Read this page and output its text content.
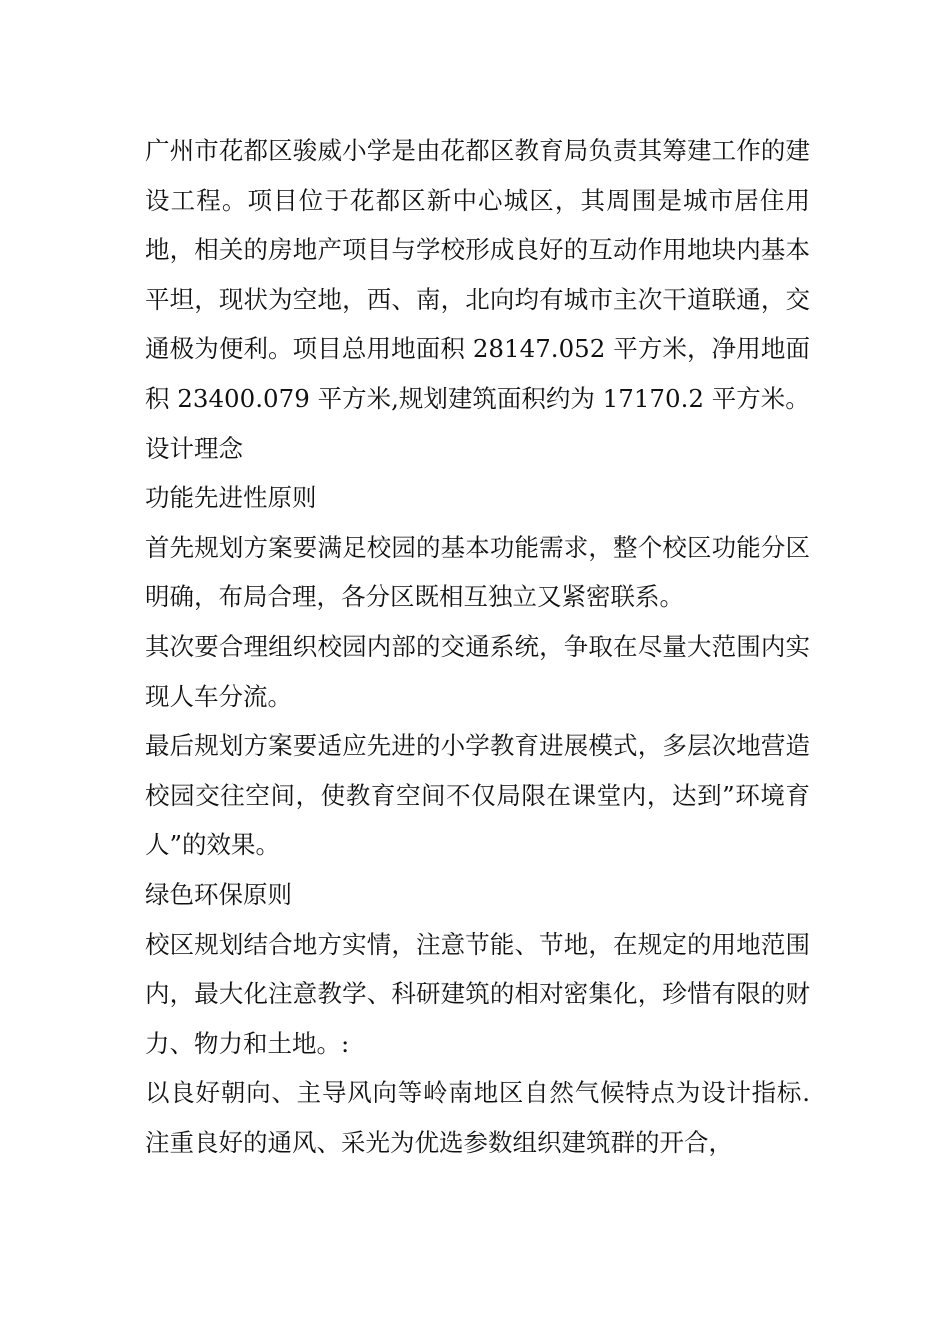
广州市花都区骏威小学是由花都区教育局负责其筹建工作的建设工程。项目位于花都区新中心城区，其周围是城市居住用地，相关的房地产项目与学校形成良好的互动作用地块内基本平坦，现状为空地，西、南，北向均有城市主次干道联通，交通极为便利。项目总用地面积 28147.052 平方米，净用地面积 23400.079 平方米,规划建筑面积约为 17170.2 平方米。

设计理念

功能先进性原则

首先规划方案要满足校园的基本功能需求，整个校区功能分区明确，布局合理，各分区既相互独立又紧密联系。

其次要合理组织校园内部的交通系统，争取在尽量大范围内实现人车分流。

最后规划方案要适应先进的小学教育进展模式，多层次地营造校园交往空间，使教育空间不仅局限在课堂内，达到”环境育人”的效果。

绿色环保原则

校区规划结合地方实情，注意节能、节地，在规定的用地范围内，最大化注意教学、科研建筑的相对密集化，珍惜有限的财力、物力和土地。:

以良好朝向、主导风向等岭南地区自然气候特点为设计指标.注重良好的通风、采光为优选参数组织建筑群的开合，
